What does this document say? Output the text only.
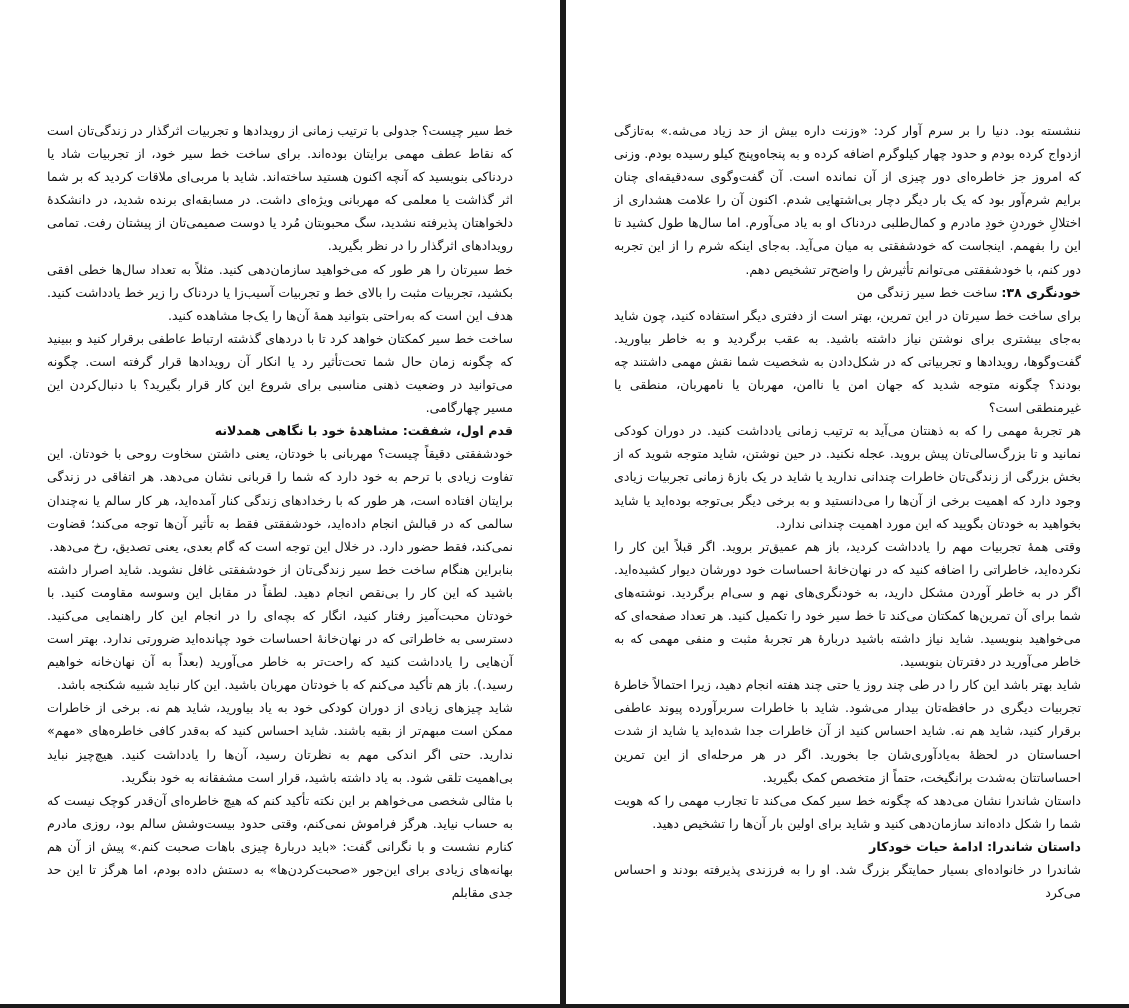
خط سیر چیست؟ جدولی با ترتیب زمانی از رویدادها و تجربیات اثرگذار در زندگی‌تان است که نقاط عطف مهمی برایتان بوده‌اند. برای ساخت خط سیر خود، از تجربیات شاد یا دردناکی بنویسید که آنچه اکنون هستید ساخته‌اند. شاید با مربی‌ای ملاقات کردید که بر شما اثر گذاشت یا معلمی که مهربانی ویژه‌ای داشت. در مسابقه‌ای برنده شدید، در دانشکدهٔ دلخواهتان پذیرفته نشدید، سگ محبوبتان مُرد یا دوست صمیمی‌تان از پیشتان رفت. تمامی رویدادهای اثرگذار را در نظر بگیرید.

خط سیرتان را هر طور که می‌خواهید سازمان‌دهی کنید. مثلاً به تعداد سال‌ها خطی افقی بکشید، تجربیات مثبت را بالای خط و تجربیات آسیب‌زا یا دردناک را زیر خط یادداشت کنید. هدف این است که به‌راحتی بتوانید همهٔ آن‌ها را یک‌جا مشاهده کنید.

ساخت خط سیر کمکتان خواهد کرد تا با دردهای گذشته ارتباط عاطفی برقرار کنید و ببینید که چگونه زمان حال شما تحت‌تأثیر رد یا انکار آن رویدادها قرار گرفته است. چگونه می‌توانید در وضعیت ذهنی مناسبی برای شروع این کار قرار بگیرید؟ با دنبال‌کردن این مسیر چهارگامی.

قدم اول، شفقت: مشاهدهٔ خود با نگاهی همدلانه

خودشفقتی دقیقاً چیست؟ مهربانی با خودتان، یعنی داشتن سخاوت روحی با خودتان. این تفاوت زیادی با ترحم به خود دارد که شما را قربانی نشان می‌دهد. هر اتفاقی در زندگی برایتان افتاده است، هر طور که با رخدادهای زندگی کنار آمده‌اید، هر کار سالم یا نه‌چندان سالمی که در قبالش انجام داده‌اید، خودشفقتی فقط به تأثیر آن‌ها توجه می‌کند؛ قضاوت نمی‌کند، فقط حضور دارد. در خلال این توجه است که گام بعدی، یعنی تصدیق، رخ می‌دهد.

بنابراین هنگام ساخت خط سیر زندگی‌تان از خودشفقتی غافل نشوید. شاید اصرار داشته باشید که این کار را بی‌نقص انجام دهید. لطفاً در مقابل این وسوسه مقاومت کنید. با خودتان محبت‌آمیز رفتار کنید، انگار که بچه‌ای را در انجام این کار راهنمایی می‌کنید. دسترسی به خاطراتی که در نهان‌خانهٔ احساسات خود چپانده‌اید ضرورتی ندارد. بهتر است آن‌هایی را یادداشت کنید که راحت‌تر به خاطر می‌آورید (بعداً به آن نهان‌خانه خواهیم رسید.). باز هم تأکید می‌کنم که با خودتان مهربان باشید. این کار نباید شبیه شکنجه باشد.

شاید چیزهای زیادی از دوران کودکی خود به یاد بیاورید، شاید هم نه. برخی از خاطرات ممکن است مبهم‌تر از بقیه باشند. شاید احساس کنید که به‌قدر کافی خاطره‌های «مهم» ندارید. حتی اگر اندکی مهم به نظرتان رسید، آن‌ها را یادداشت کنید. هیچ‌چیز نباید بی‌اهمیت تلقی شود. به یاد داشته باشید، قرار است مشفقانه به خود بنگرید.

با مثالی شخصی می‌خواهم بر این نکته تأکید کنم که هیچ خاطره‌ای آن‌قدر کوچک نیست که به حساب نیاید. هرگز فراموش نمی‌کنم، وقتی حدود بیست‌وشش سالم بود، روزی مادرم کنارم نشست و با نگرانی گفت: «باید دربارهٔ چیزی باهات صحبت کنم.» پیش از آن هم بهانه‌های زیادی برای این‌جور «صحبت‌کردن‌ها» به دستش داده بودم، اما هرگز تا این حد جدی مقابلم

ننشسته بود. دنیا را بر سرم آوار کرد: «وزنت داره بیش از حد زیاد می‌شه.» به‌تازگی ازدواج کرده بودم و حدود چهار کیلوگرم اضافه کرده و به پنجاه‌وپنج کیلو رسیده بودم. وزنی که امروز جز خاطره‌ای دور چیزی از آن نمانده است. آن گفت‌وگوی سه‌دقیقه‌ای چنان برایم شرم‌آور بود که یک بار دیگر دچار بی‌اشتهایی شدم. اکنون آن را علامت هشداری از اختلالِ خوردنِ خودِ مادرم و کمال‌طلبی دردناک او به یاد می‌آورم. اما سال‌ها طول کشید تا این را بفهمم. اینجاست که خودشفقتی به میان می‌آید. به‌جای اینکه شرم را از این تجربه دور کنم، با خودشفقتی می‌توانم تأثیرش را واضح‌تر تشخیص دهم.

خودنگری ۳۸: ساخت خط سیر زندگی من

برای ساخت خط سیرتان در این تمرین، بهتر است از دفتری دیگر استفاده کنید، چون شاید به‌جای بیشتری برای نوشتن نیاز داشته باشید. به عقب برگردید و به خاطر بیاورید. گفت‌وگوها، رویدادها و تجربیاتی که در شکل‌دادن به شخصیت شما نقش مهمی داشتند چه بودند؟ چگونه متوجه شدید که جهان امن یا ناامن، مهربان یا نامهربان، منطقی یا غیرمنطقی است؟

هر تجربهٔ مهمی را که به ذهنتان می‌آید به ترتیب زمانی یادداشت کنید. در دوران کودکی نمانید و تا بزرگ‌سالی‌تان پیش بروید. عجله نکنید. در حین نوشتن، شاید متوجه شوید که از بخش بزرگی از زندگی‌تان خاطرات چندانی ندارید یا شاید در یک بازهٔ زمانی تجربیات زیادی وجود دارد که اهمیت برخی از آن‌ها را می‌دانستید و به برخی دیگر بی‌توجه بوده‌اید یا شاید بخواهید به خودتان بگویید که این مورد اهمیت چندانی ندارد.

وقتی همهٔ تجربیات مهم را یادداشت کردید، باز هم عمیق‌تر بروید. اگر قبلاً این کار را نکرده‌اید، خاطراتی را اضافه کنید که در نهان‌خانهٔ احساسات خود دورشان دیوار کشیده‌اید. اگر در به خاطر آوردن مشکل دارید، به خودنگری‌های نهم و سی‌ام برگردید. نوشته‌های شما برای آن تمرین‌ها کمکتان می‌کند تا خط سیر خود را تکمیل کنید. هر تعداد صفحه‌ای که می‌خواهید بنویسید. شاید نیاز داشته باشید دربارهٔ هر تجربهٔ مثبت و منفی مهمی که به خاطر می‌آورید در دفترتان بنویسید.

شاید بهتر باشد این کار را در طی چند روز یا حتی چند هفته انجام دهید، زیرا احتمالاً خاطرهٔ تجربیات دیگری در حافظه‌تان بیدار می‌شود. شاید با خاطرات سربرآورده پیوند عاطفی برقرار کنید، شاید هم نه. شاید احساس کنید از آن خاطرات جدا شده‌اید یا شاید از شدت احساستان در لحظهٔ به‌یادآوری‌شان جا بخورید. اگر در هر مرحله‌ای از این تمرین احساساتتان به‌شدت برانگیخت، حتماً از متخصص کمک بگیرید.

داستان شاندرا نشان می‌دهد که چگونه خط سیر کمک می‌کند تا تجارب مهمی را که هویت شما را شکل داده‌اند سازمان‌دهی کنید و شاید برای اولین بار آن‌ها را تشخیص دهید.

داستان شاندرا: ادامهٔ حیات خودکار

شاندرا در خانواده‌ای بسیار حمایتگر بزرگ شد. او را به فرزندی پذیرفته بودند و احساس می‌کرد
